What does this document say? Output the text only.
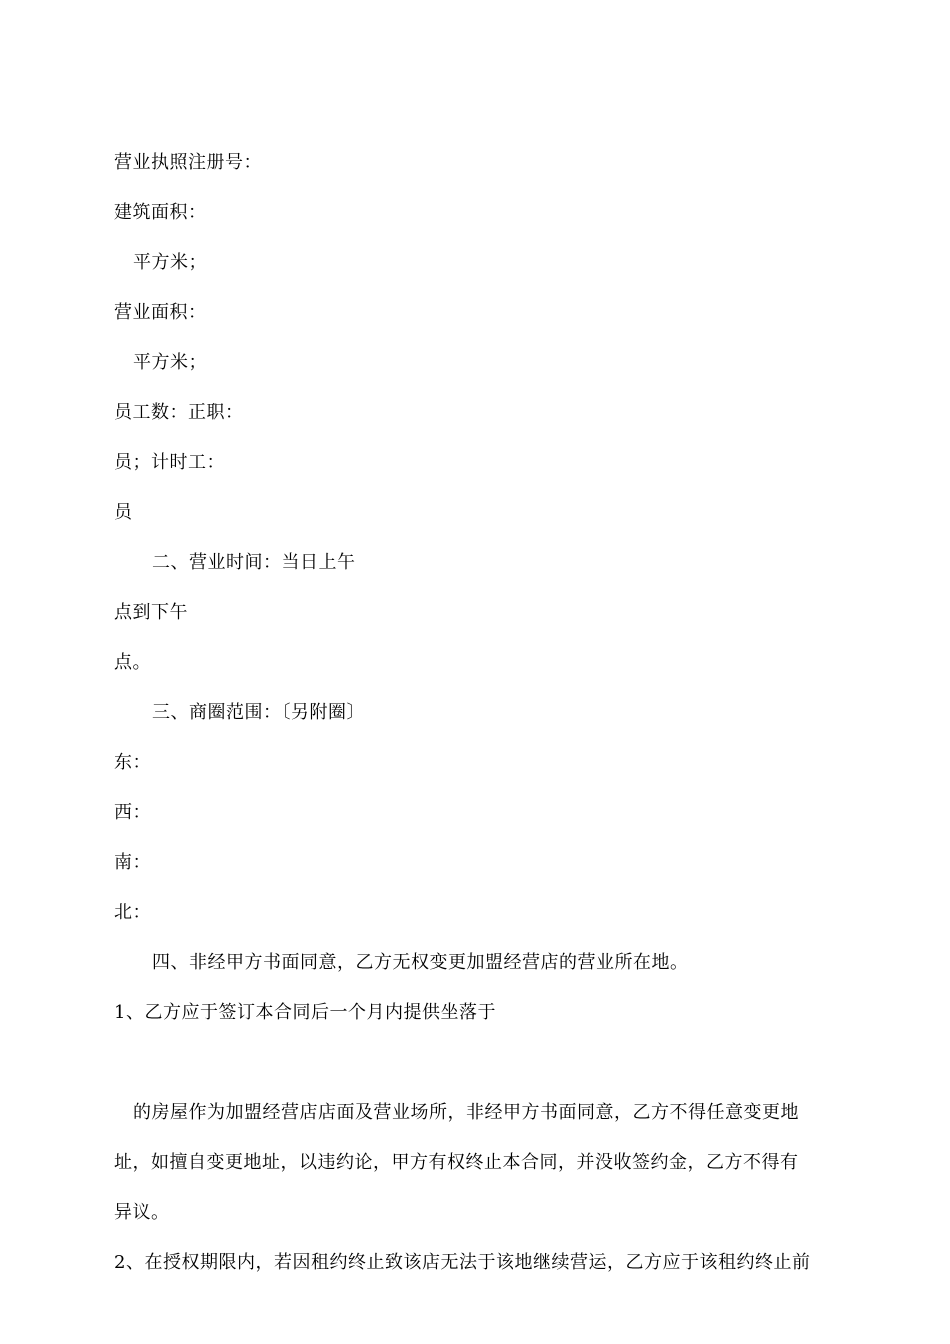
营业执照注册号：
建筑面积：
平方米；
营业面积：
平方米；
员工数：正职：
员；计时工：
员
二、营业时间：当日上午
点到下午
点。
三、商圈范围：〔另附圈〕
东：
西：
南：
北：
四、非经甲方书面同意，乙方无权变更加盟经营店的营业所在地。
1、乙方应于签订本合同后一个月内提供坐落于
的房屋作为加盟经营店店面及营业场所，非经甲方书面同意，乙方不得任意变更地
址，如擅自变更地址，以违约论，甲方有权终止本合同，并没收签约金，乙方不得有
异议。
2、在授权期限内，若因租约终止致该店无法于该地继续营运，乙方应于该租约终止前
